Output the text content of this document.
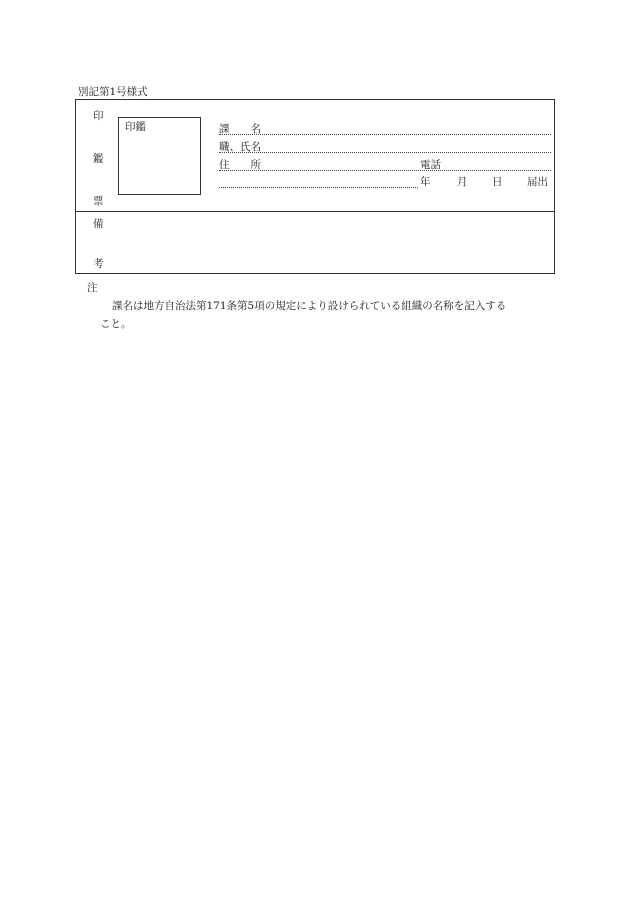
別記第1号様式
印
鑑
票
印鑑	課　　名
職、氏名
住　　所	電話
年	月 日 届出
備
考
注
課名は地方自治法第171条第5項の規定により設けられている組織の名称を記入する
こと。
